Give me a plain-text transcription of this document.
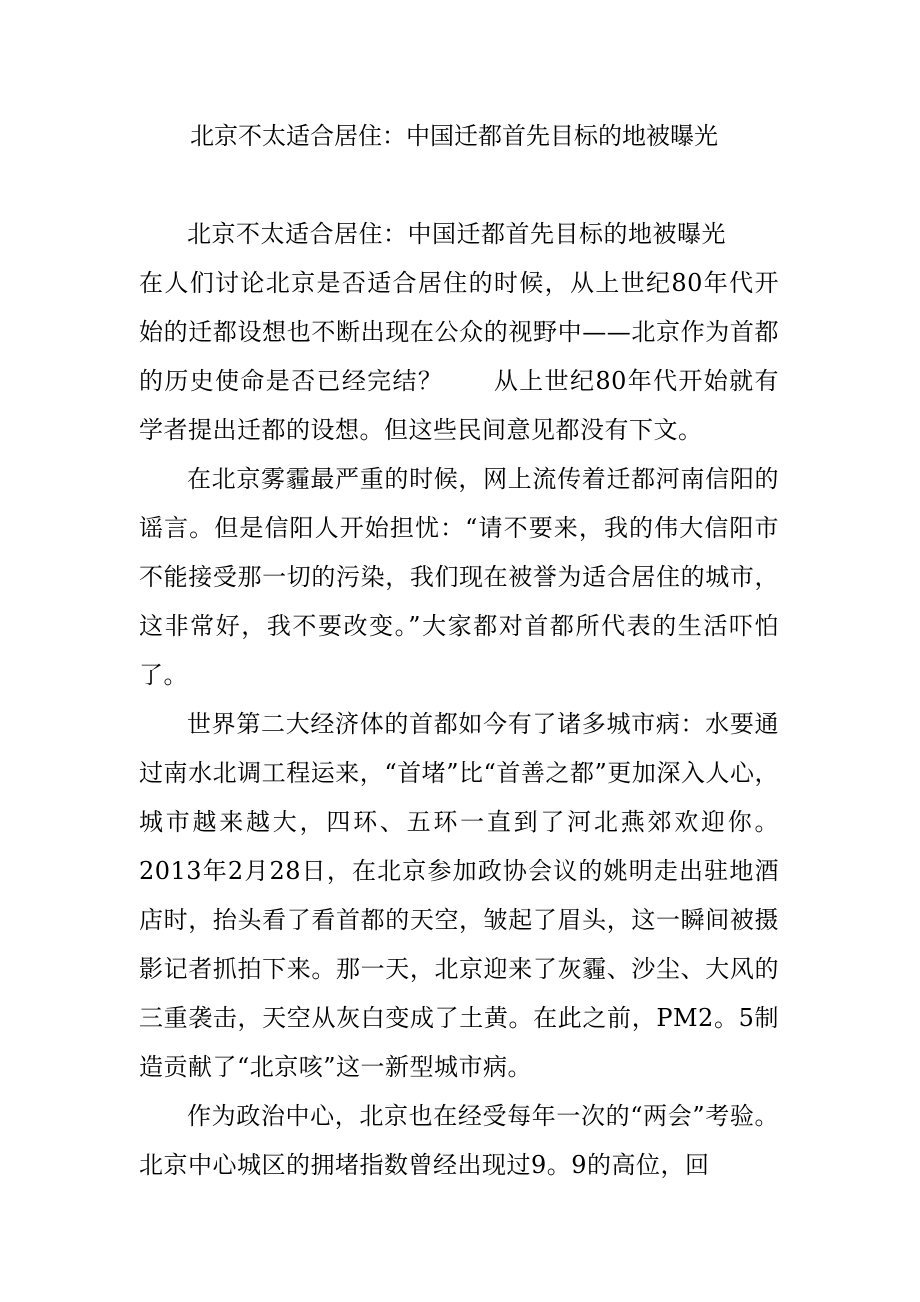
北京不太适合居住：中国迁都首先目标的地被曝光

北京不太适合居住：中国迁都首先目标的地被曝光

在人们讨论北京是否适合居住的时候，从上世纪80年代开始的迁都设想也不断出现在公众的视野中——北京作为首都的历史使命是否已经完结？　　从上世纪80年代开始就有学者提出迁都的设想。但这些民间意见都没有下文。

在北京雾霾最严重的时候，网上流传着迁都河南信阳的谣言。但是信阳人开始担忧：“请不要来，我的伟大信阳市不能接受那一切的污染，我们现在被誉为适合居住的城市，这非常好，我不要改变。”大家都对首都所代表的生活吓怕了。

世界第二大经济体的首都如今有了诸多城市病：水要通过南水北调工程运来，“首堵”比“首善之都”更加深入人心，城市越来越大，四环、五环一直到了河北燕郊欢迎你。2013年2月28日，在北京参加政协会议的姚明走出驻地酒店时，抬头看了看首都的天空，皱起了眉头，这一瞬间被摄影记者抓拍下来。那一天，北京迎来了灰霾、沙尘、大风的三重袭击，天空从灰白变成了土黄。在此之前，PM2。5制造贡献了“北京咳”这一新型城市病。

作为政治中心，北京也在经受每年一次的“两会”考验。北京中心城区的拥堵指数曾经出现过9。9的高位，回
